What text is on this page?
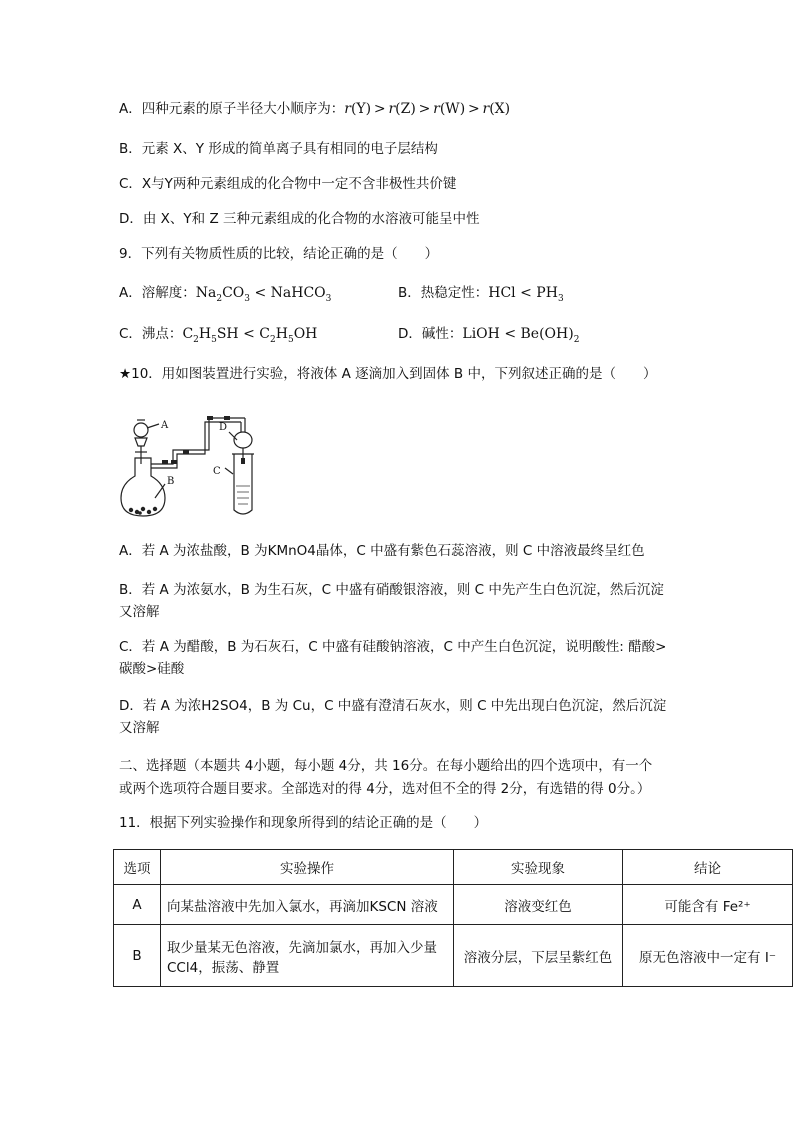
A．四种元素的原子半径大小顺序为：r(Y) > r(Z) > r(W) > r(X)
B．元素 X、Y 形成的简单离子具有相同的电子层结构
C．X与Y两种元素组成的化合物中一定不含非极性共价键
D．由 X、Y和 Z 三种元素组成的化合物的水溶液可能呈中性
9．下列有关物质性质的比较，结论正确的是（　　）
A．溶解度：$Na_2CO_3$ < NaHCO$_3$	B．热稳定性：HCl < $PH_3$
C．沸点：$C_2H_5SH < C_2H_5OH$	D．碱性：LiOH < $Be(OH)_2$
★10．用如图装置进行实验，将液体 A 逐滴加入到固体 B 中，下列叙述正确的是（　　）
A
B
C
D
A．若 A 为浓盐酸，B 为KMnO4晶体，C 中盛有紫色石蕊溶液，则 C 中溶液最终呈红色
B．若 A 为浓氨水，B 为生石灰，C 中盛有硝酸银溶液，则 C 中先产生白色沉淀，然后沉淀
又溶解
C．若 A 为醋酸，B 为石灰石，C 中盛有硅酸钠溶液，C 中产生白色沉淀，说明酸性: 醋酸>
碳酸>硅酸
D．若 A 为浓H2SO4，B 为 Cu，C 中盛有澄清石灰水，则 C 中先出现白色沉淀，然后沉淀
又溶解
二、选择题（本题共 4小题，每小题 4分，共 16分。在每小题给出的四个选项中，有一个
或两个选项符合题目要求。全部选对的得 4分，选对但不全的得 2分，有选错的得 0分。）
11．根据下列实验操作和现象所得到的结论正确的是（　　）
选项	实验操作	实验现象	结论
A	向某盐溶液中先加入氯水，再滴加KSCN 溶液	溶液变红色	可能含有 Fe²⁺
B	取少量某无色溶液，先滴加氯水，再加入少量
CCl4，振荡、静置	溶液分层，下层呈紫红色	原无色溶液中一定有 I⁻
